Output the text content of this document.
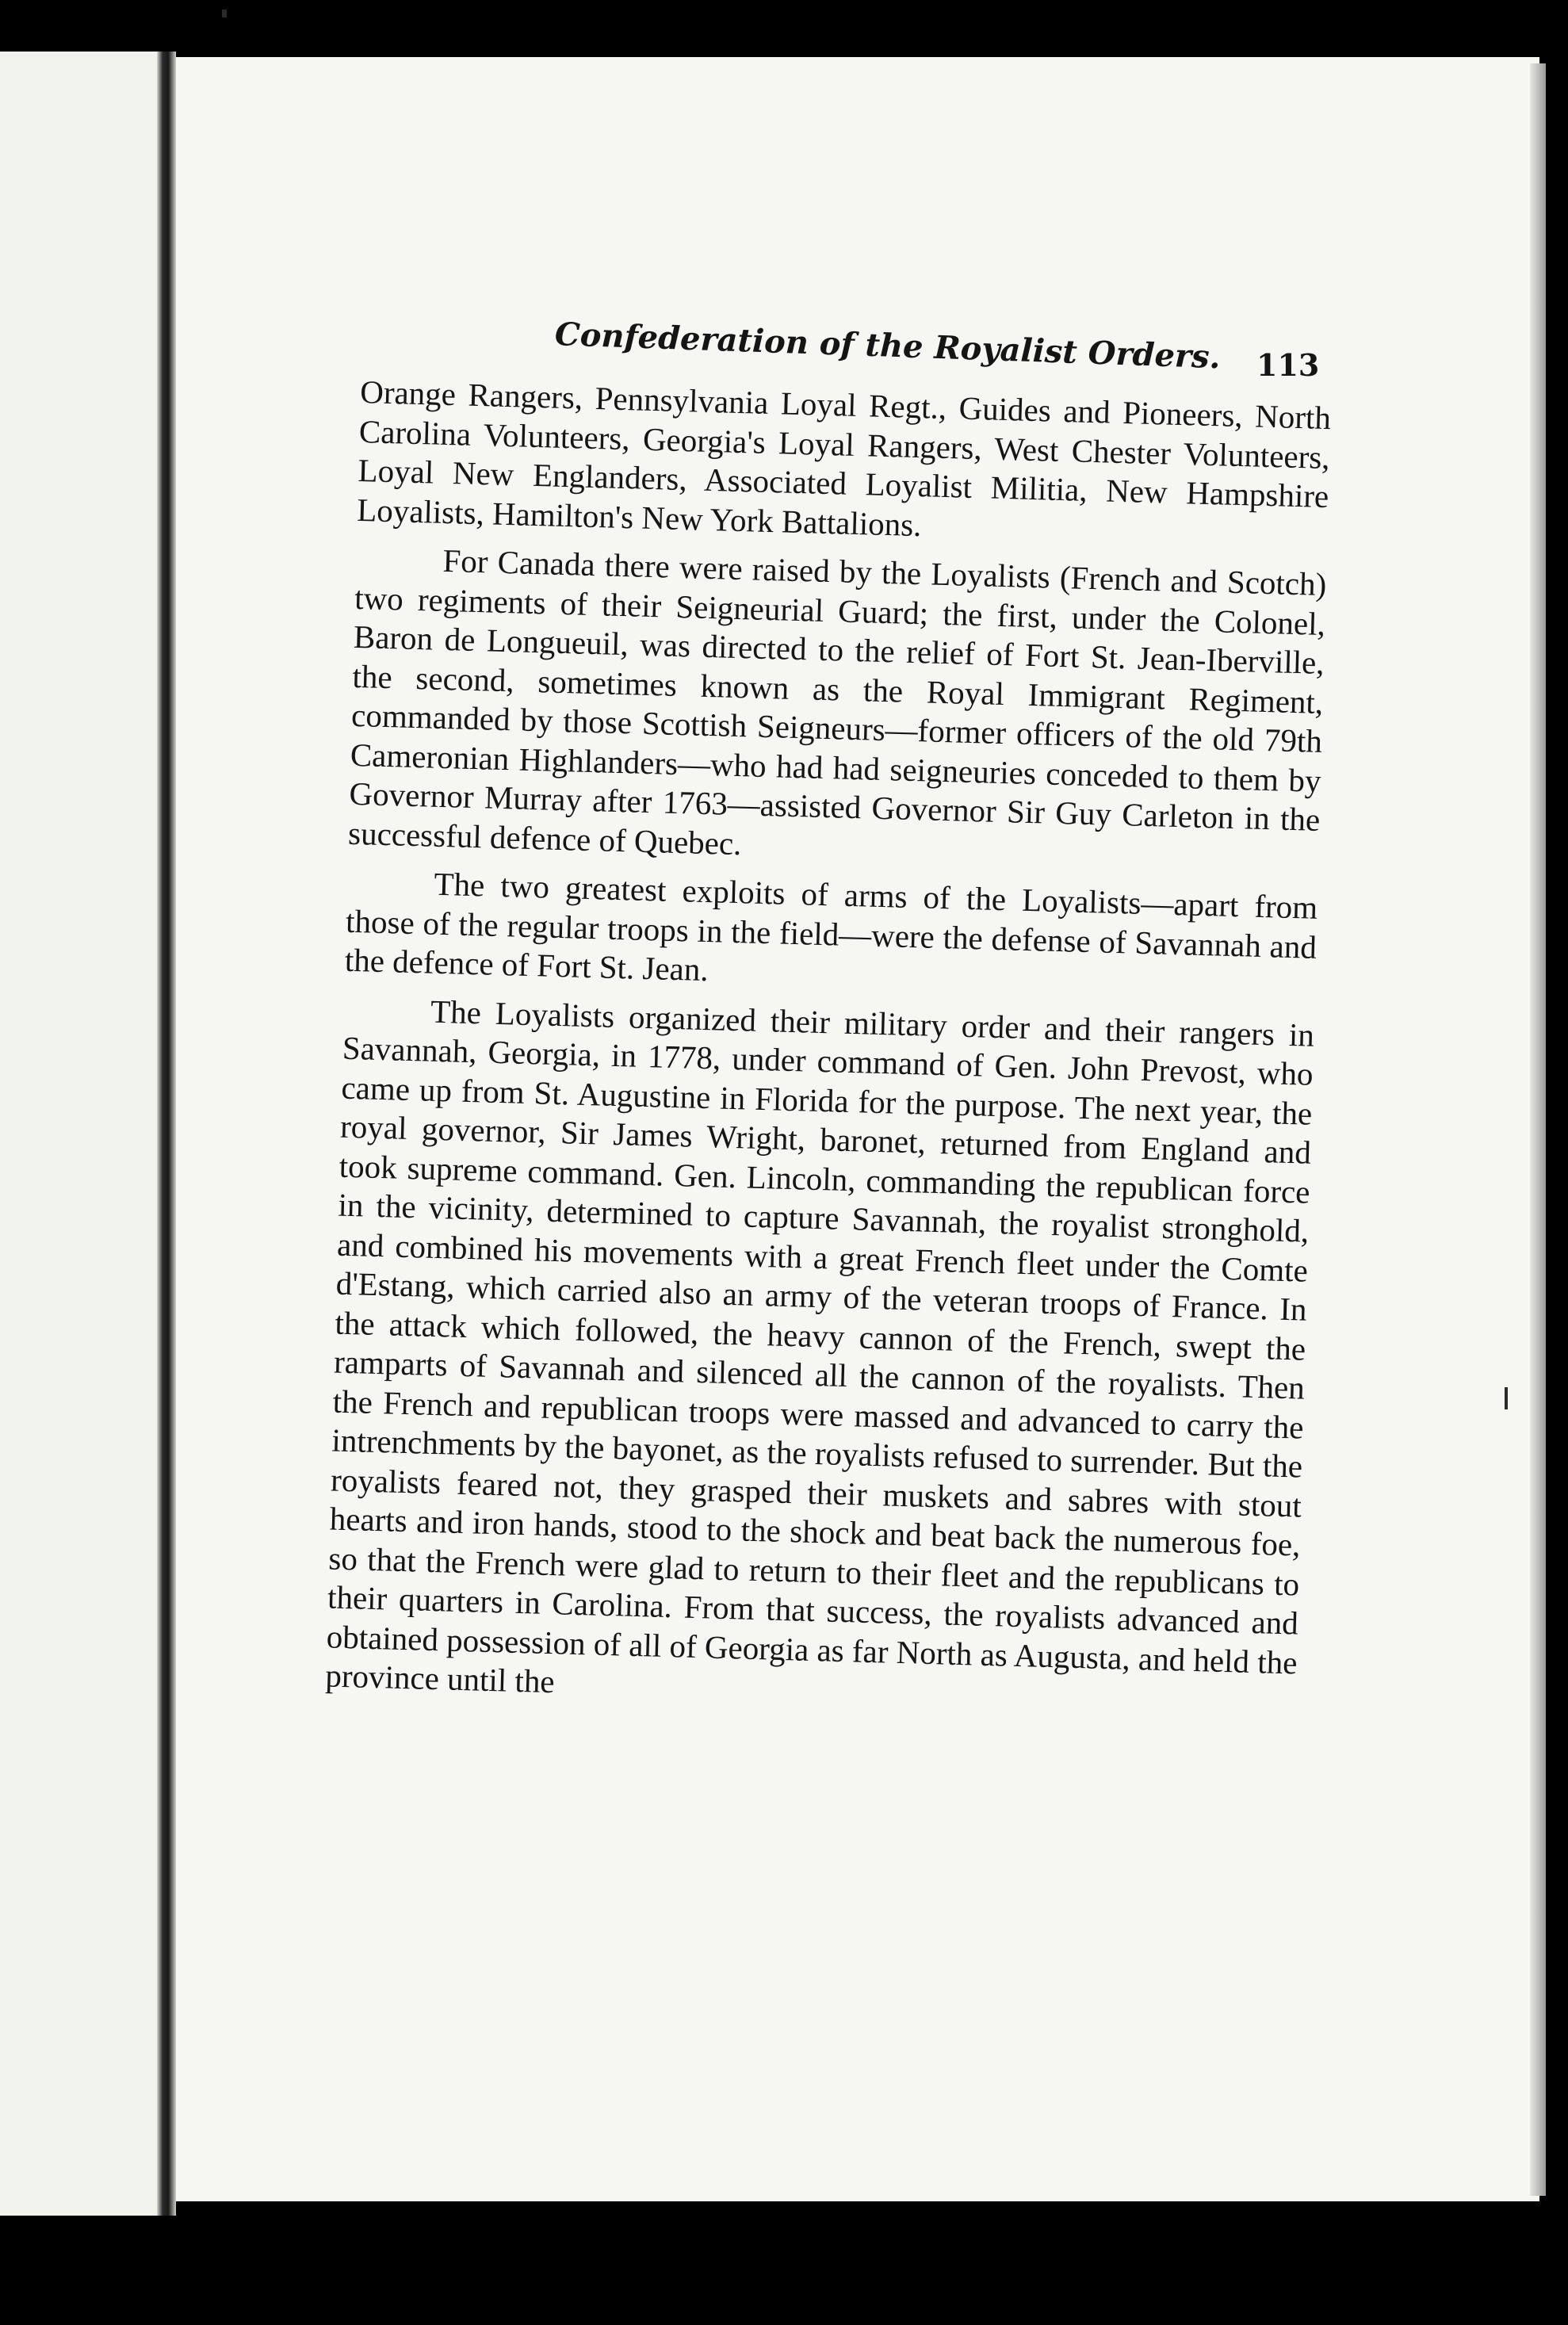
Confederation of the Royalist Orders. 113

Orange Rangers, Pennsylvania Loyal Regt., Guides and Pioneers, North Carolina Volunteers, Georgia's Loyal Rangers, West Chester Volunteers, Loyal New Englanders, Associated Loyalist Militia, New Hampshire Loyalists, Hamilton's New York Battalions.

For Canada there were raised by the Loyalists (French and Scotch) two regiments of their Seigneurial Guard; the first, under the Colonel, Baron de Longueuil, was directed to the relief of Fort St. Jean-Iberville, the second, sometimes known as the Royal Immigrant Regiment, commanded by those Scottish Seigneurs—former officers of the old 79th Cameronian Highlanders—who had had seigneuries conceded to them by Governor Murray after 1763—assisted Governor Sir Guy Carleton in the successful defence of Quebec.

The two greatest exploits of arms of the Loyalists—apart from those of the regular troops in the field—were the defense of Savannah and the defence of Fort St. Jean.

The Loyalists organized their military order and their rangers in Savannah, Georgia, in 1778, under command of Gen. John Prevost, who came up from St. Augustine in Florida for the purpose. The next year, the royal governor, Sir James Wright, baronet, returned from England and took supreme command. Gen. Lincoln, commanding the republican force in the vicinity, determined to capture Savannah, the royalist stronghold, and combined his movements with a great French fleet under the Comte d'Estang, which carried also an army of the veteran troops of France. In the attack which followed, the heavy cannon of the French, swept the ramparts of Savannah and silenced all the cannon of the royalists. Then the French and republican troops were massed and advanced to carry the intrenchments by the bayonet, as the royalists refused to surrender. But the royalists feared not, they grasped their muskets and sabres with stout hearts and iron hands, stood to the shock and beat back the numerous foe, so that the French were glad to return to their fleet and the republicans to their quarters in Carolina. From that success, the royalists advanced and obtained possession of all of Georgia as far North as Augusta, and held the province until the
